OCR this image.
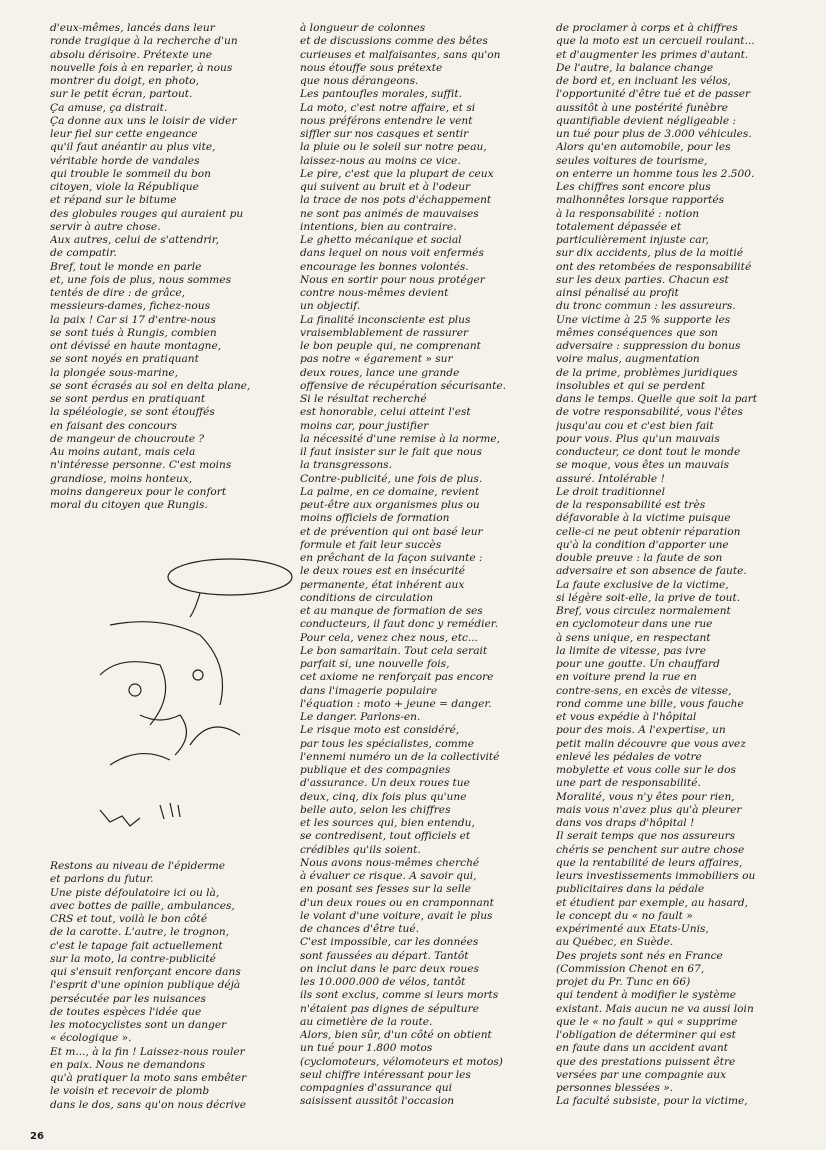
d'eux-mêmes, lancés dans leur
ronde tragique à la recherche d'un
absolu dérisoire. Prétexte une
nouvelle fois à en reparler, à nous
montrer du doigt, en photo,
sur le petit écran, partout.
Ça amuse, ça distrait.
Ça donne aux uns le loisir de vider
leur fiel sur cette engeance
qu'il faut anéantir au plus vite,
véritable horde de vandales
qui trouble le sommeil du bon
citoyen, viole la République
et répand sur le bitume
des globules rouges qui auraient pu
servir à autre chose.
Aux autres, celui de s'attendrir,
de compatir.
Bref, tout le monde en parle
et, une fois de plus, nous sommes
tentés de dire : de grâce,
messieurs-dames, fichez-nous
la paix ! Car si 17 d'entre-nous
se sont tués à Rungis, combien
ont dévissé en haute montagne,
se sont noyés en pratiquant
la plongée sous-marine,
se sont écrasés au sol en delta plane,
se sont perdus en pratiquant
la spéléologie, se sont étouffés
en faisant des concours
de mangeur de choucroute ?
Au moins autant, mais cela
n'intéresse personne. C'est moins
grandiose, moins honteux,
moins dangereux pour le confort
moral du citoyen que Rungis.
Restons au niveau de l'épiderme
et parlons du futur.
Une piste défoulatoire ici ou là,
avec bottes de paille, ambulances,
CRS et tout, voilà le bon côté
de la carotte. L'autre, le trognon,
c'est le tapage fait actuellement
sur la moto, la contre-publicité
qui s'ensuit renforçant encore dans
l'esprit d'une opinion publique déjà
persécutée par les nuisances
de toutes espèces l'idée que
les motocyclistes sont un danger
« écologique ».
Et m..., à la fin ! Laissez-nous rouler
en paix. Nous ne demandons
qu'à pratiquer la moto sans embêter
le voisin et recevoir de plomb
dans le dos, sans qu'on nous décrive
à longueur de colonnes
et de discussions comme des bêtes
curieuses et malfaisantes, sans qu'on
nous étouffe sous prétexte
que nous dérangeons.
Les pantoufles morales, suffit.
La moto, c'est notre affaire, et si
nous préférons entendre le vent
siffler sur nos casques et sentir
la pluie ou le soleil sur notre peau,
laissez-nous au moins ce vice.
Le pire, c'est que la plupart de ceux
qui suivent au bruit et à l'odeur
la trace de nos pots d'échappement
ne sont pas animés de mauvaises
intentions, bien au contraire.
Le ghetto mécanique et social
dans lequel on nous voit enfermés
encourage les bonnes volontés.
Nous en sortir pour nous protéger
contre nous-mêmes devient
un objectif.
La finalité inconsciente est plus
vraisemblablement de rassurer
le bon peuple qui, ne comprenant
pas notre « égarement » sur
deux roues, lance une grande
offensive de récupération sécurisante.
Si le résultat recherché
est honorable, celui atteint l'est
moins car, pour justifier
la nécessité d'une remise à la norme,
il faut insister sur le fait que nous
la transgressons.
Contre-publicité, une fois de plus.
La palme, en ce domaine, revient
peut-être aux organismes plus ou
moins officiels de formation
et de prévention qui ont basé leur
formule et fait leur succès
en prêchant de la façon suivante :
le deux roues est en insécurité
permanente, état inhérent aux
conditions de circulation
et au manque de formation de ses
conducteurs, il faut donc y remédier.
Pour cela, venez chez nous, etc...
Le bon samaritain. Tout cela serait
parfait si, une nouvelle fois,
cet axiome ne renforçait pas encore
dans l'imagerie populaire
l'équation : moto + jeune = danger.
Le danger. Parlons-en.
Le risque moto est considéré,
par tous les spécialistes, comme
l'ennemi numéro un de la collectivité
publique et des compagnies
d'assurance. Un deux roues tue
deux, cinq, dix fois plus qu'une
belle auto, selon les chiffres
et les sources qui, bien entendu,
se contredisent, tout officiels et
crédibles qu'ils soient.
Nous avons nous-mêmes cherché
à évaluer ce risque. A savoir qui,
en posant ses fesses sur la selle
d'un deux roues ou en cramponnant
le volant d'une voiture, avait le plus
de chances d'être tué.
C'est impossible, car les données
sont faussées au départ. Tantôt
on inclut dans le parc deux roues
les 10.000.000 de vélos, tantôt
ils sont exclus, comme si leurs morts
n'étaient pas dignes de sépulture
au cimetière de la route.
Alors, bien sûr, d'un côté on obtient
un tué pour 1.800 motos
(cyclomoteurs, vélomoteurs et motos)
seul chiffre intéressant pour les
compagnies d'assurance qui
saisissent aussitôt l'occasion
de proclamer à corps et à chiffres
que la moto est un cercueil roulant...
et d'augmenter les primes d'autant.
De l'autre, la balance change
de bord et, en incluant les vélos,
l'opportunité d'être tué et de passer
aussitôt à une postérité funèbre
quantifiable devient négligeable :
un tué pour plus de 3.000 véhicules.
Alors qu'en automobile, pour les
seules voitures de tourisme,
on enterre un homme tous les 2.500.
Les chiffres sont encore plus
malhonnêtes lorsque rapportés
à la responsabilité : notion
totalement dépassée et
particulièrement injuste car,
sur dix accidents, plus de la moitié
ont des retombées de responsabilité
sur les deux parties. Chacun est
ainsi pénalisé au profit
du tronc commun : les assureurs.
Une victime à 25 % supporte les
mêmes conséquences que son
adversaire : suppression du bonus
voire malus, augmentation
de la prime, problèmes juridiques
insolubles et qui se perdent
dans le temps. Quelle que soit la part
de votre responsabilité, vous l'êtes
jusqu'au cou et c'est bien fait
pour vous. Plus qu'un mauvais
conducteur, ce dont tout le monde
se moque, vous êtes un mauvais
assuré. Intolérable !
Le droit traditionnel
de la responsabilité est très
défavorable à la victime puisque
celle-ci ne peut obtenir réparation
qu'à la condition d'apporter une
double preuve : la faute de son
adversaire et son absence de faute.
La faute exclusive de la victime,
si légère soit-elle, la prive de tout.
Bref, vous circulez normalement
en cyclomoteur dans une rue
à sens unique, en respectant
la limite de vitesse, pas ivre
pour une goutte. Un chauffard
en voiture prend la rue en
contre-sens, en excès de vitesse,
rond comme une bille, vous fauche
et vous expédie à l'hôpital
pour des mois. A l'expertise, un
petit malin découvre que vous avez
enlevé les pédales de votre
mobylette et vous colle sur le dos
une part de responsabilité.
Moralité, vous n'y êtes pour rien,
mais vous n'avez plus qu'à pleurer
dans vos draps d'hôpital !
Il serait temps que nos assureurs
chéris se penchent sur autre chose
que la rentabilité de leurs affaires,
leurs investissements immobiliers ou
publicitaires dans la pédale
et étudient par exemple, au hasard,
le concept du « no fault »
expérimenté aux Etats-Unis,
au Québec, en Suède.
Des projets sont nés en France
(Commission Chenot en 67,
projet du Pr. Tunc en 66)
qui tendent à modifier le système
existant. Mais aucun ne va aussi loin
que le « no fault » qui « supprime
l'obligation de déterminer qui est
en faute dans un accident avant
que des prestations puissent être
versées par une compagnie aux
personnes blessées ».
La faculté subsiste, pour la victime,
26
